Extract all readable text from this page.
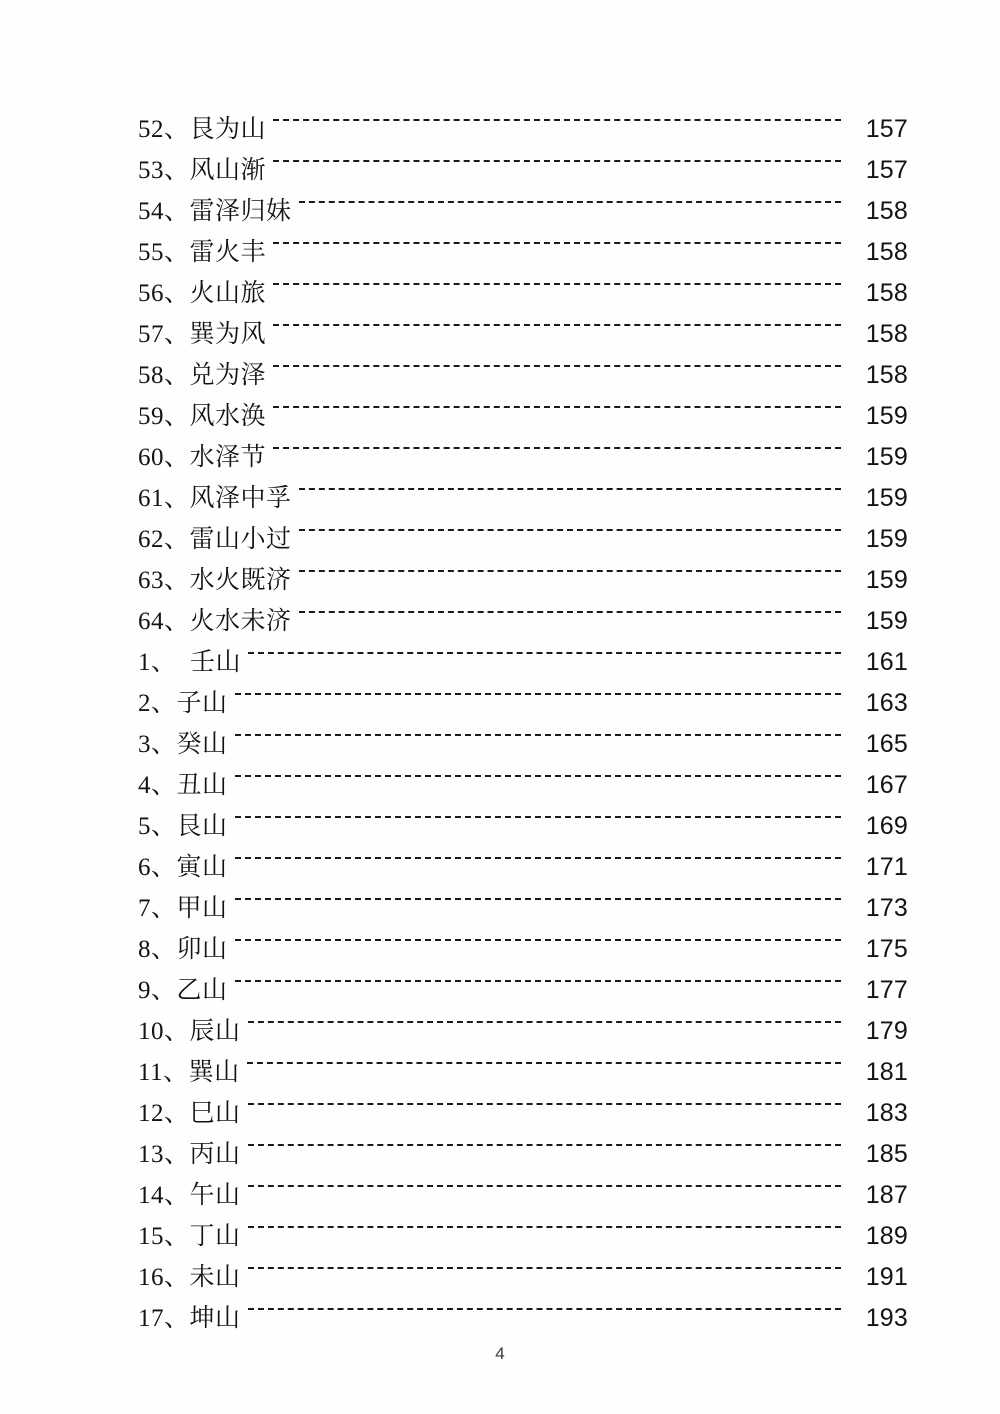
52、艮为山	157
53、风山渐	157
54、雷泽归妹	158
55、雷火丰	158
56、火山旅	158
57、巽为风	158
58、兑为泽	158
59、风水涣	159
60、水泽节	159
61、风泽中孚	159
62、雷山小过	159
63、水火既济	159
64、火水未济	159
1、  壬山	161
2、子山	163
3、癸山	165
4、丑山	167
5、艮山	169
6、寅山	171
7、甲山	173
8、卯山	175
9、乙山	177
10、辰山	179
11、巽山	181
12、巳山	183
13、丙山	185
14、午山	187
15、丁山	189
16、未山	191
17、坤山	193
4
